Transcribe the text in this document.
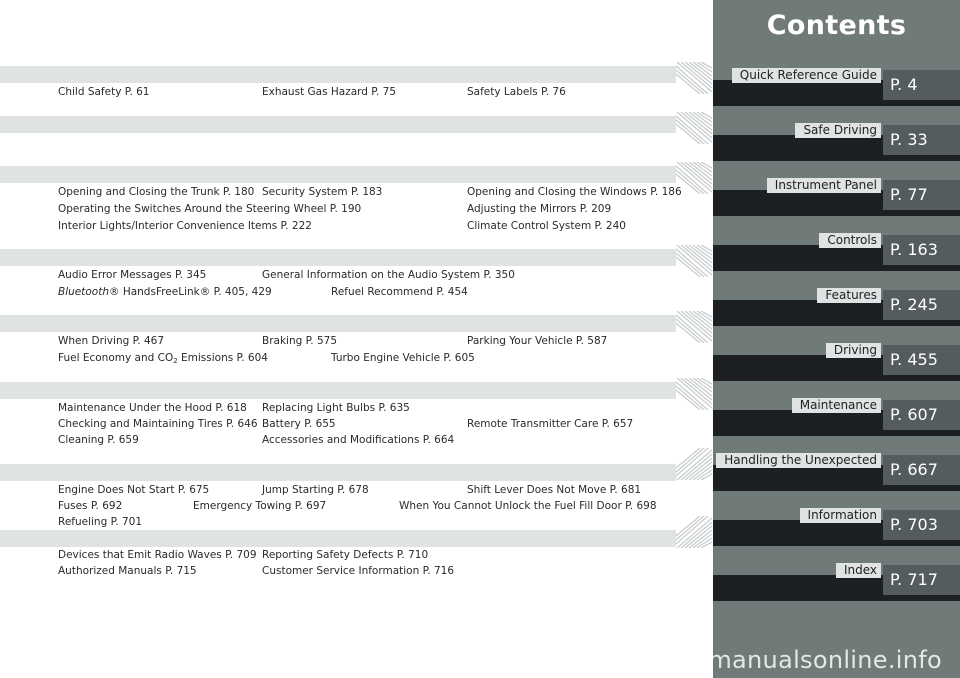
Child Safety P. 61	Exhaust Gas Hazard P. 75	Safety Labels P. 76
Opening and Closing the Trunk P. 180 Security System P. 183	Opening and Closing the Windows P. 186
Operating the Switches Around the Steering Wheel P. 190	Adjusting the Mirrors P. 209
Interior Lights/Interior Convenience Items P. 222	Climate Control System P. 240
Audio Error Messages P. 345	General Information on the Audio System P. 350
Bluetooth® HandsFreeLink® P. 405, 429	Refuel Recommend P. 454
When Driving P. 467	Braking P. 575	Parking Your Vehicle P. 587
Fuel Economy and $CO_2$ Emissions P. 604	Turbo Engine Vehicle P. 605
Maintenance Under the Hood P. 618 Replacing Light Bulbs P. 635
Checking and Maintaining Tires P. 646 Battery P. 655	Remote Transmitter Care P. 657
Cleaning P. 659	Accessories and Modifications P. 664
Engine Does Not Start P. 675	Jump Starting P. 678	Shift Lever Does Not Move P. 681
Fuses P. 692	Emergency Towing P. 697	When You Cannot Unlock the Fuel Fill Door P. 698
Refueling P. 701
Devices that Emit Radio Waves P. 709 Reporting Safety Defects P. 710
Authorized Manuals P. 715	Customer Service Information P. 716
Contents
Quick Reference Guide P. 4
Safe Driving P. 33
Instrument Panel P. 77
Controls P. 163
Features P. 245
Driving P. 455
Maintenance P. 607
Handling the Unexpected P. 667
Information P. 703
Index P. 717
carmanualsonline.info
